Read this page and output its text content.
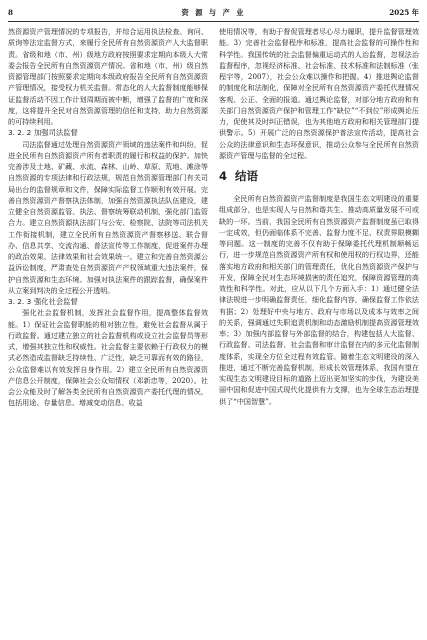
8	资 源 与 产 业	2025 年

然资源资产管理情况的专项报告，并综合运用执法检查、询问、质询等法定监督方式，来履行全民所有自然资源资产人大监督职责。省级和地（市、州）级地方政府按照要求定期向本级人大常委会报告全民所有自然资源资产情况。省和地（市、州）级自然资源管理部门按照要求定期向本级政府报告全民所有自然资源资产管理情况，接受权力机关监督。常态化的人大监督制度能够保证监督活动不因工作计划周期而被中断，增强了监督的广度和深度，这将提升全民对自然资源管理的信任和支持，助力自然资源的可持续利用。

3. 2. 2 加强司法监督

司法监督通过处理自然资源资产领域的违法案件和纠纷，促进全民所有自然资源资产所有者职责的履行和权益的保护。加快完善涉及土地、矿藏、水流、森林、山岭、草原、荒地、滩涂等自然资源的专项法律和行政法规，规范自然资源管理部门有关司局出台的监督规章和文件，保障实际监督工作顺利有效开展。完善自然资源资产督察执法体制，加强自然资源执法队伍建设，建立健全自然资源监管、执法、督察统筹联动机制，强化部门监管合力。建立自然资源执法部门与公安、检察院、法院等司法机关工作衔接机制，建立全民所有自然资源资产督察移送、联合督办、信息共享、交流沟通、普法宣传等工作制度，促进案件办理的政治效果、法律效果和社会效果统一。建立和完善自然资源公益诉讼制度，严肃查处自然资源资产产权领域重大违法案件，保护自然资源和生态环境。加强对执法案件的跟踪监督，确保案件从立案到判决的全过程公开透明。

3. 2. 3 强化社会监督

强化社会监督机制，发挥社会监督作用，提高整体监督效能。1）保证社会监督职能的相对独立性，避免社会监督从属于行政监督。通过建立独立的社会监督机构或设立社会监督员等形式，增强其独立性和权威性。社会监督主要依赖于行政权力的模式必然造成监督缺乏持续性、广泛性，缺乏可靠而有效的路径，公众监督难以有效发挥自身作用。2）建立全民所有自然资源资产信息公开制度，保障社会公众知情权（邓新忠等，2020）。社会公众能及时了解各类全民所有自然资源资产委托代理的情况，包括用途、存量信息、增减变动信息、收益

使用情况等，有助于督促管理者尽心尽力履职，提升监督管理效能。3）完善社会监督程序和标准，提高社会监督的可操作性和科学性。我国传统的社会监督偏重运动式的人治监督，忽视法治监督程序，忽视经济标准、社会标准、技术标准和法制标准（张程宇等，2007），社会公众难以操作和把握。4）推进舆论监督的制度化和法制化，保障对全民所有自然资源资产委托代理情况客观、公正、全面的报道。通过舆论监督，对部分地方政府和有关部门自然资源资产保护和管理工作“缺位”“不到位”形成舆论压力，促使其及时纠正错误，也为其他地方政府和相关管理部门提供警示。5）开展广泛的自然资源保护普法宣传活动，提高社会公众的法律意识和生态环保意识，推动公众参与全民所有自然资源资产管理与监督的全过程。

4 结语

全民所有自然资源资产监督制度是我国生态文明建设的重要组成部分，也是实现人与自然和谐共生、推动高质量发展不可或缺的一环。当前，我国全民所有自然资源资产监督制度虽已取得一定成效，但仍面临体系不完善、监督力度不足、权责界限模糊等问题。这一制度的完善不仅有助于保障委托代理机制顺畅运行，进一步规范自然资源资产所有权和使用权的行权边界，还能落实地方政府和相关部门的管理责任，优化自然资源资产保护与开发，保障全民对生态环境损害的责任追究，保障资源管理的高效性和科学性。对此，应从以下几个方面入手：1）通过健全法律法规进一步明确监督责任，细化监督内容，确保监督工作依法有据；2）处理好中央与地方、政府与市场以及成本与效率之间的关系，强调通过失职追责机制和动态激励机制提高资源管理效率；3）加强内部监督与外部监督的结合，构建包括人大监督、行政监督、司法监督、社会监督和审计监督在内的多元化监督制度体系，实现全方位全过程有效监管。随着生态文明建设的深入推进，通过不断完善监督机制，形成长效管理体系，我国有望在实现生态文明建设目标的道路上迈出更加坚实的步伐，为建设美丽中国和促进中国式现代化提供有力支撑，也为全球生态治理提供了“中国智慧”。
